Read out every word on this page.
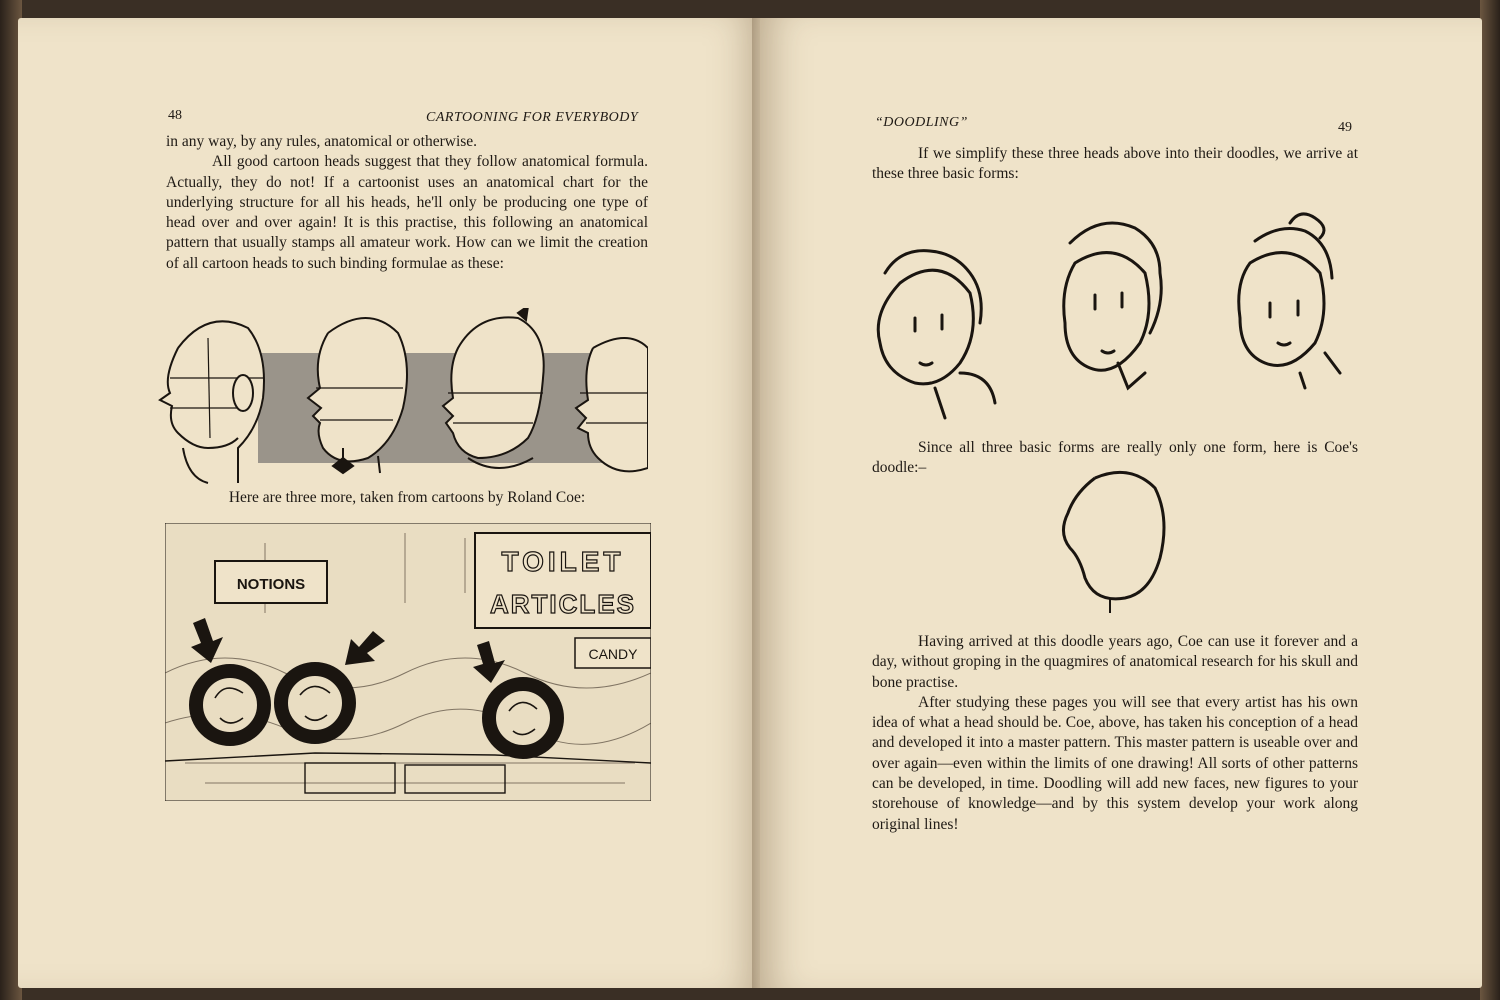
48	CARTOONING FOR EVERYBODY

in any way, by any rules, anatomical or otherwise.

All good cartoon heads suggest that they follow anatomical formula. Actually, they do not! If a cartoonist uses an anatomical chart for the underlying structure for all his heads, he'll only be producing one type of head over and over again! It is this practise, this following an anatomical pattern that usually stamps all amateur work. How can we limit the creation of all cartoon heads to such binding formulae as these:

Here are three more, taken from cartoons by Roland Coe:
NOTIONS
TOILET
ARTICLES
CANDY
“DOODLING”	49

If we simplify these three heads above into their doodles, we arrive at these three basic forms:

Since all three basic forms are really only one form, here is Coe's doodle:–

Having arrived at this doodle years ago, Coe can use it forever and a day, without groping in the quagmires of anatomical research for his skull and bone practise.

After studying these pages you will see that every artist has his own idea of what a head should be. Coe, above, has taken his conception of a head and developed it into a master pattern. This master pattern is useable over and over again—even within the limits of one drawing! All sorts of other patterns can be developed, in time. Doodling will add new faces, new figures to your storehouse of knowledge—and by this system develop your work along original lines!
